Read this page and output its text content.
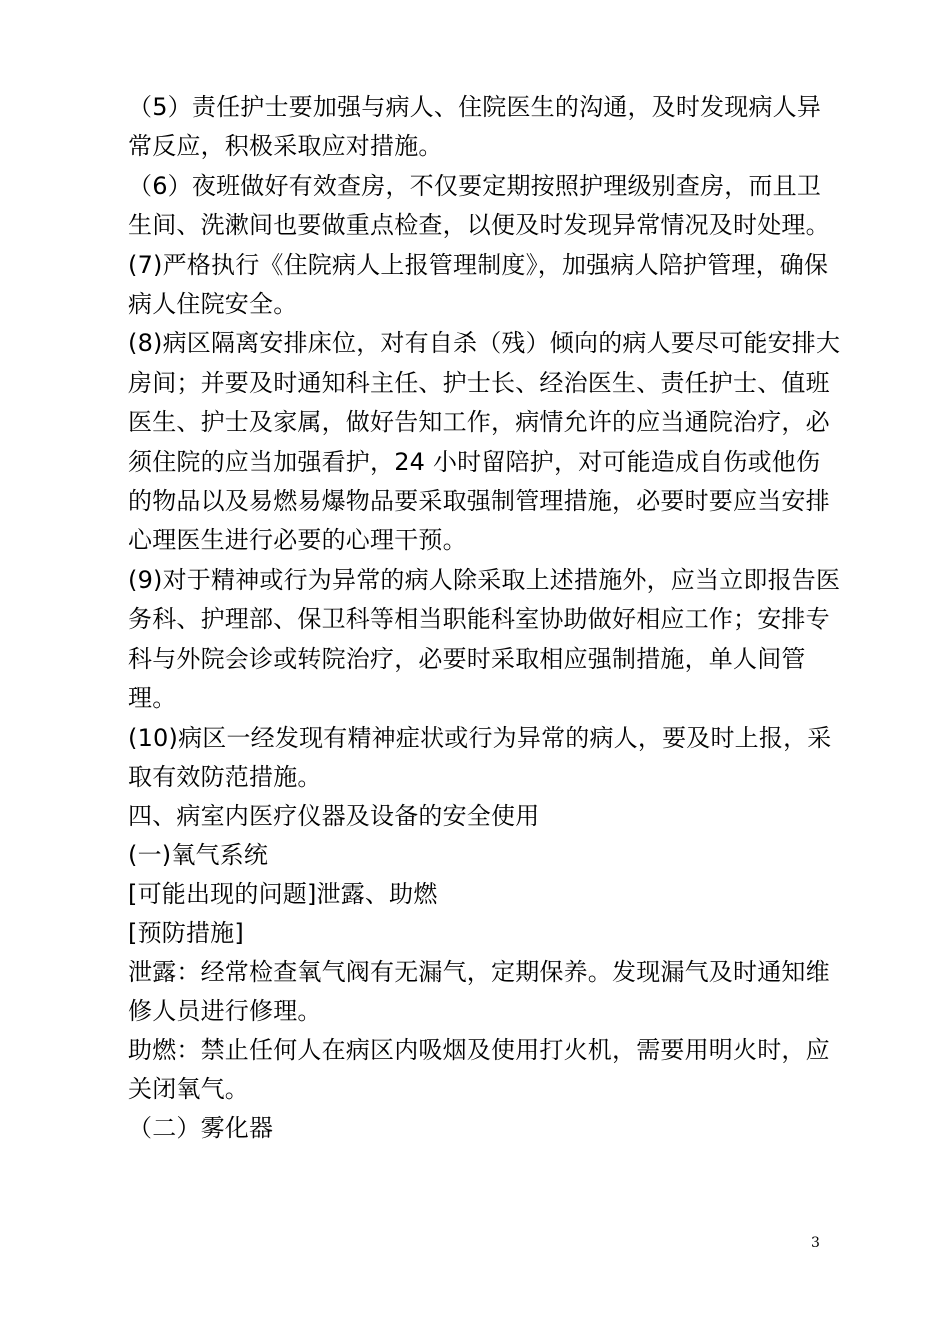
（5）责任护士要加强与病人、住院医生的沟通，及时发现病人异常反应，积极采取应对措施。

（6）夜班做好有效查房，不仅要定期按照护理级别查房，而且卫生间、洗漱间也要做重点检查，以便及时发现异常情况及时处理。

(7)严格执行《住院病人上报管理制度》，加强病人陪护管理，确保病人住院安全。

(8)病区隔离安排床位，对有自杀（残）倾向的病人要尽可能安排大房间；并要及时通知科主任、护士长、经治医生、责任护士、值班医生、护士及家属，做好告知工作，病情允许的应当通院治疗，必须住院的应当加强看护，24 小时留陪护，对可能造成自伤或他伤的物品以及易燃易爆物品要采取强制管理措施，必要时要应当安排心理医生进行必要的心理干预。

(9)对于精神或行为异常的病人除采取上述措施外，应当立即报告医务科、护理部、保卫科等相当职能科室协助做好相应工作；安排专科与外院会诊或转院治疗，必要时采取相应强制措施，单人间管理。

(10)病区一经发现有精神症状或行为异常的病人，要及时上报，采取有效防范措施。

四、病室内医疗仪器及设备的安全使用

(一)氧气系统

[可能出现的问题]泄露、助燃

[预防措施]

泄露：经常检查氧气阀有无漏气，定期保养。发现漏气及时通知维修人员进行修理。

助燃：禁止任何人在病区内吸烟及使用打火机，需要用明火时，应关闭氧气。

（二）雾化器

3
